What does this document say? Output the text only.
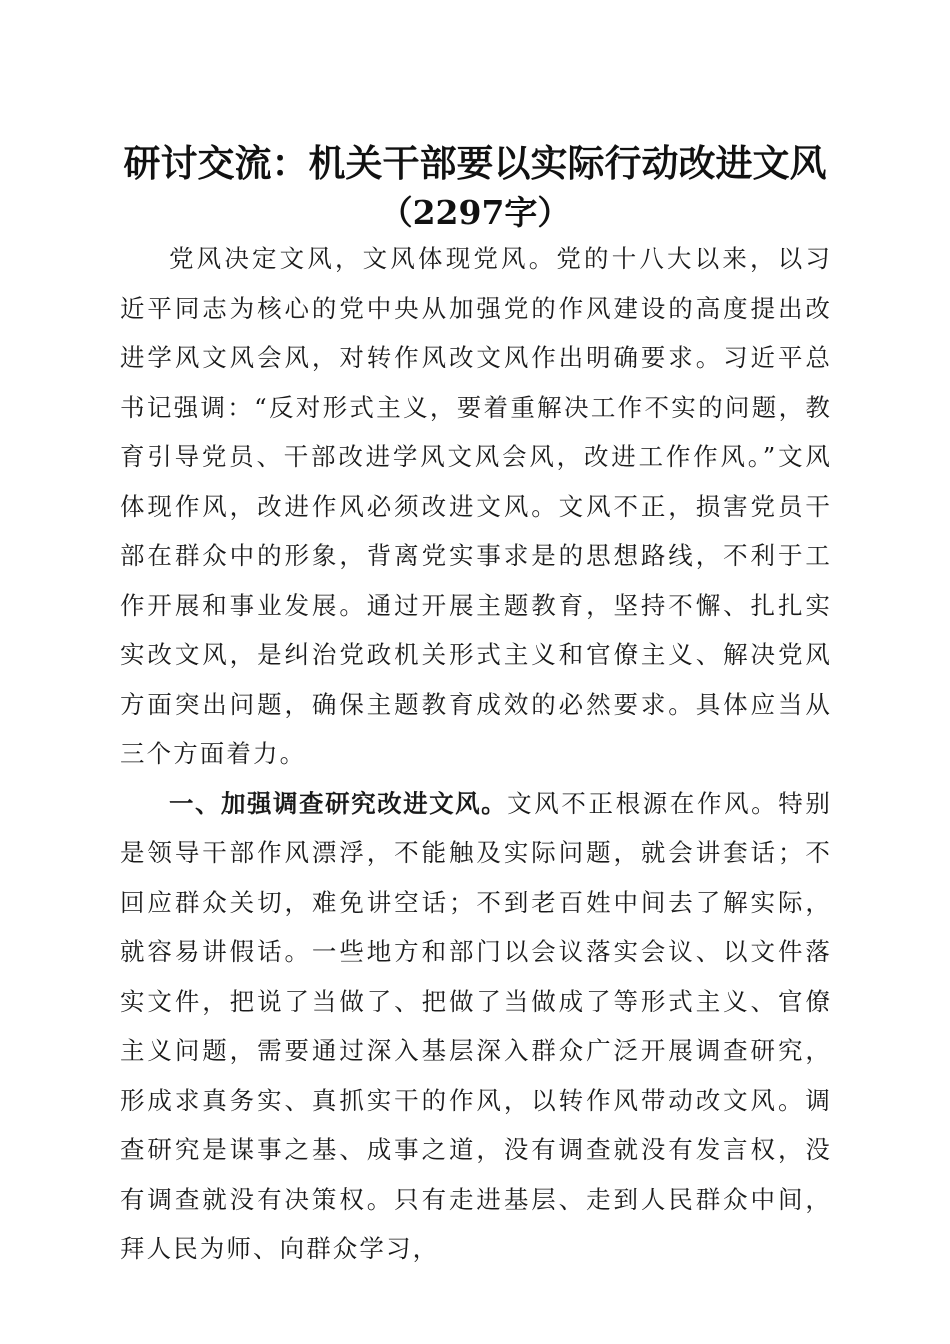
研讨交流：机关干部要以实际行动改进文风
（2297字）

党风决定文风，文风体现党风。党的十八大以来，以习近平同志为核心的党中央从加强党的作风建设的高度提出改进学风文风会风，对转作风改文风作出明确要求。习近平总书记强调：“反对形式主义，要着重解决工作不实的问题，教育引导党员、干部改进学风文风会风，改进工作作风。”文风体现作风，改进作风必须改进文风。文风不正，损害党员干部在群众中的形象，背离党实事求是的思想路线，不利于工作开展和事业发展。通过开展主题教育，坚持不懈、扎扎实实改文风，是纠治党政机关形式主义和官僚主义、解决党风方面突出问题，确保主题教育成效的必然要求。具体应当从三个方面着力。

一、加强调查研究改进文风。文风不正根源在作风。特别是领导干部作风漂浮，不能触及实际问题，就会讲套话；不回应群众关切，难免讲空话；不到老百姓中间去了解实际，就容易讲假话。一些地方和部门以会议落实会议、以文件落实文件，把说了当做了、把做了当做成了等形式主义、官僚主义问题，需要通过深入基层深入群众广泛开展调查研究，形成求真务实、真抓实干的作风，以转作风带动改文风。调查研究是谋事之基、成事之道，没有调查就没有发言权，没有调查就没有决策权。只有走进基层、走到人民群众中间，拜人民为师、向群众学习，
